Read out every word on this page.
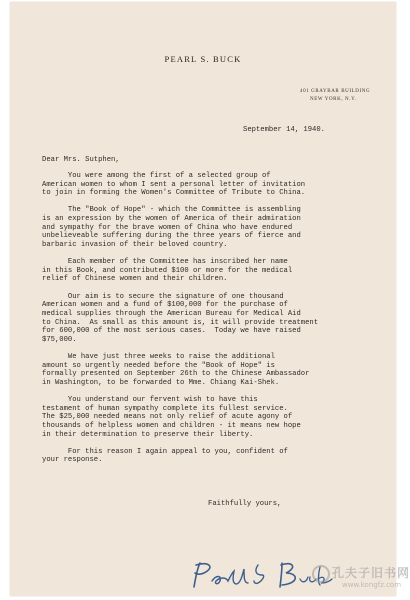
PEARL S. BUCK
401 GRAYBAR BUILDING
NEW YORK, N.Y.
September 14, 1940.
Dear Mrs. Sutphen,
You were among the first of a selected group of
American women to whom I sent a personal letter of invitation
to join in forming the Women's Committee of Tribute to China.
The "Book of Hope" - which the Committee is assembling
is an expression by the women of America of their admiration
and sympathy for the brave women of China who have endured
unbelieveable suffering during the three years of fierce and
barbaric invasion of their beloved country.
Each member of the Committee has inscribed her name
in this Book, and contributed $100 or more for the medical
relief of Chinese women and their children.
Our aim is to secure the signature of one thousand
American women and a fund of $100,000 for the purchase of
medical supplies through the American Bureau for Medical Aid
to China.  As small as this amount is, it will provide treatment
for 600,000 of the most serious cases.  Today we have raised
$75,000.
We have just three weeks to raise the additional
amount so urgently needed before the "Book of Hope" is
formally presented on September 26th to the Chinese Ambassador
in Washington, to be forwarded to Mme. Chiang Kai-Shek.
You understand our fervent wish to have this
testament of human sympathy complete its fullest service.
The $25,000 needed means not only relief of acute agony of
thousands of helpless women and children - it means new hope
in their determination to preserve their liberty.
For this reason I again appeal to you, confident of
your response.
Faithfully yours,
孔夫子旧书网
www.kongfz.com
